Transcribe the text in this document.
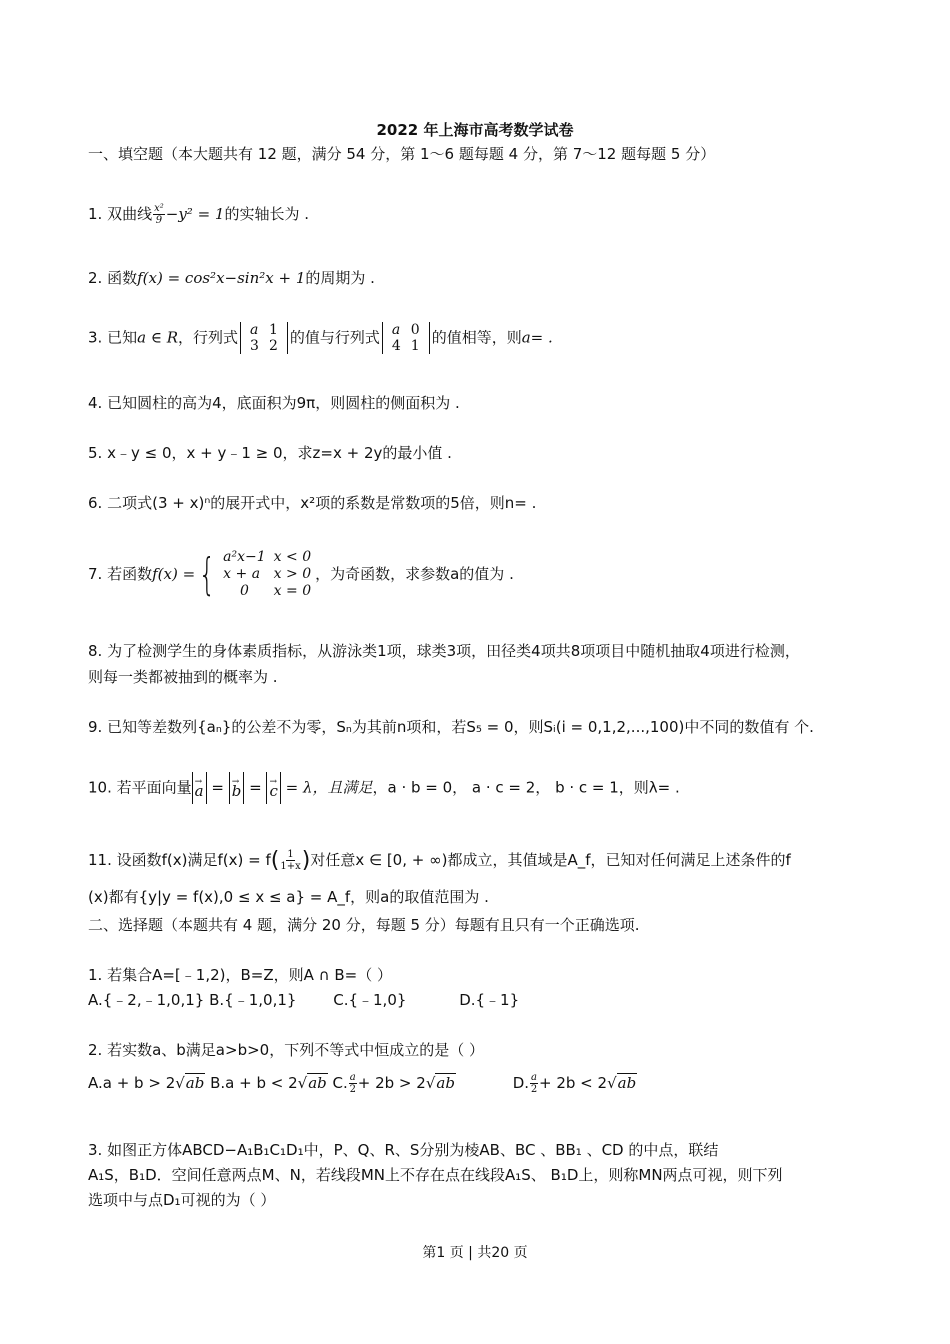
2022 年上海市高考数学试卷
一、填空题（本大题共有 12 题，满分 54 分，第 1～6 题每题 4 分，第 7～12 题每题 5 分）
1. 双曲线 $\frac{\text{x²}}{9} -y^2 = 1$的实轴长为 .
2. 函数f(x) = cos²x−sin²x + 1的周期为 .
3. 已知a ∈ R，行列式 a	1
3	2 的值与行列式 a	0
4	1 的值相等，则a= .
4. 已知圆柱的高为4，底面积为9π，则圆柱的侧面积为 .
5. x﹣y ≤ 0，x + y﹣1 ≥ 0，求z=x + 2y的最小值 .
6. 二项式(3 + x)ⁿ的展开式中，x²项的系数是常数项的5倍，则n= .
7. 若函数f(x) ={ a²x−1	x < 0
x + a	x > 0
0	x = 0，为奇函数，求参数a的值为 .
8. 为了检测学生的身体素质指标，从游泳类1项，球类3项，田径类4项共8项项目中随机抽取4项进行检测，
则每一类都被抽到的概率为 .
9. 已知等差数列{aₙ}的公差不为零，Sₙ为其前n项和，若S₅ = 0，则Sᵢ(i = 0,1,2,...,100)中不同的数值有 个.
10. 若平面向量 → a = → b = → c = λ，且满足，a · b = 0， a · c = 2， b · c = 1，则λ= .
11. 设函数f(x)满足$f(x) = f( \frac{1}{1+x}$ )对任意x ∈ [0, + ∞)都成立，其值域是A_f，已知对任何满足上述条件的f
(x)都有{y|y = f(x),0 ≤ x ≤ a} = A_f，则a的取值范围为 .
二、选择题（本题共有 4 题，满分 20 分，每题 5 分）每题有且只有一个正确选项.
1. 若集合A=[﹣1,2)，B=Z，则A ∩ B=（ ）
A.{﹣2,﹣1,0,1} B.{﹣1,0,1} C.{﹣1,0}	D.{﹣1}
2. 若实数a、b满足a>b>0，下列不等式中恒成立的是（ ）
A.a + b > 2√ab B.a + b < 2√ab C. $\frac{a}{2} + 2b > 2√ab$	D. $\frac{a}{2} + 2b < 2√ab$
3. 如图正方体ABCD−A₁B₁C₁D₁中，P、Q、R、S分别为棱AB、BC 、BB₁ 、CD 的中点，联结
A₁S，B₁D．空间任意两点M、N，若线段MN上不存在点在线段A₁S、 B₁D上，则称MN两点可视，则下列
选项中与点D₁可视的为（ ）
第1 页 | 共20 页
